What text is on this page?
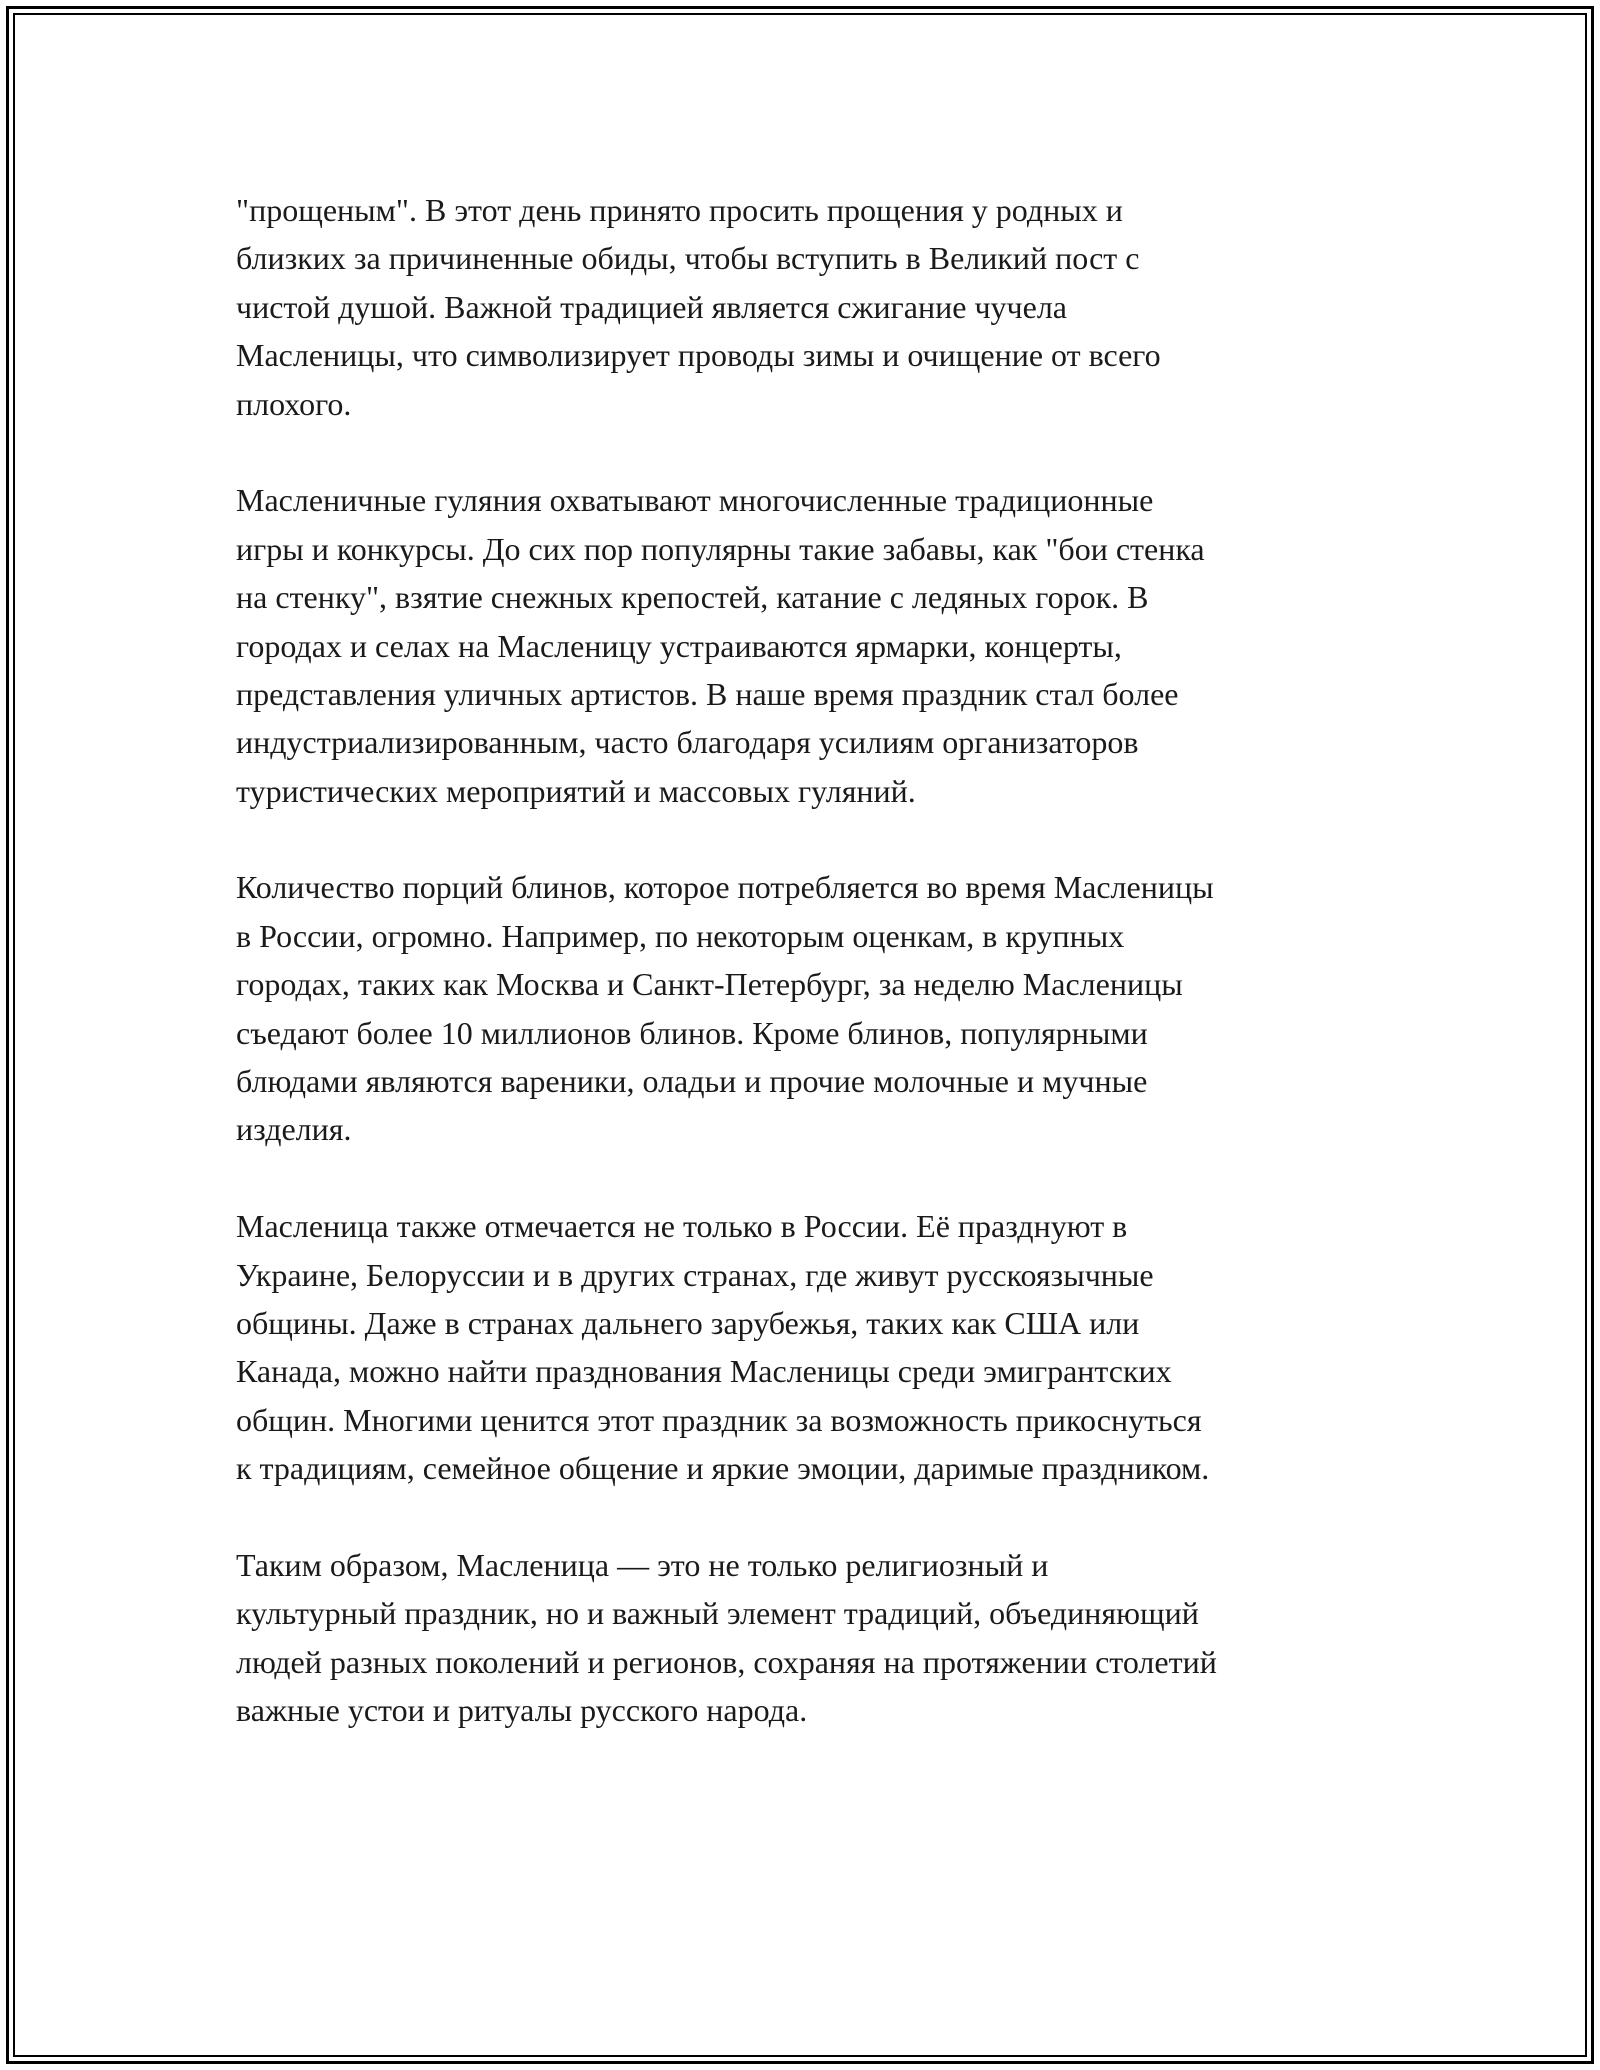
"прощеным". В этот день принято просить прощения у родных и
близких за причиненные обиды, чтобы вступить в Великий пост с
чистой душой. Важной традицией является сжигание чучела
Масленицы, что символизирует проводы зимы и очищение от всего
плохого.

Масленичные гуляния охватывают многочисленные традиционные
игры и конкурсы. До сих пор популярны такие забавы, как "бои стенка
на стенку", взятие снежных крепостей, катание с ледяных горок. В
городах и селах на Масленицу устраиваются ярмарки, концерты,
представления уличных артистов. В наше время праздник стал более
индустриализированным, часто благодаря усилиям организаторов
туристических мероприятий и массовых гуляний.

Количество порций блинов, которое потребляется во время Масленицы
в России, огромно. Например, по некоторым оценкам, в крупных
городах, таких как Москва и Санкт-Петербург, за неделю Масленицы
съедают более 10 миллионов блинов. Кроме блинов, популярными
блюдами являются вареники, оладьи и прочие молочные и мучные
изделия.

Масленица также отмечается не только в России. Её празднуют в
Украине, Белоруссии и в других странах, где живут русскоязычные
общины. Даже в странах дальнего зарубежья, таких как США или
Канада, можно найти празднования Масленицы среди эмигрантских
общин. Многими ценится этот праздник за возможность прикоснуться
к традициям, семейное общение и яркие эмоции, даримые праздником.

Таким образом, Масленица — это не только религиозный и
культурный праздник, но и важный элемент традиций, объединяющий
людей разных поколений и регионов, сохраняя на протяжении столетий
важные устои и ритуалы русского народа.
